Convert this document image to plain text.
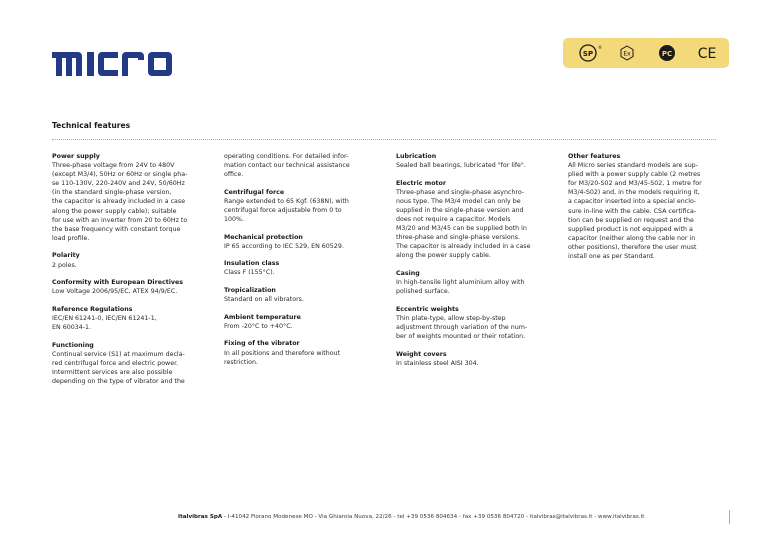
MICRO
SP
®
Ex	PC CE
Technical features
Power supply

Three-phase voltage from 24V to 480V

(except M3/4), 50Hz or 60Hz or single pha-

se 110-130V, 220-240V and 24V, 50/60Hz

(in the standard single-phase version,

the capacitor is already included in a case

along the power supply cable); suitable

for use with an inverter from 20 to 60Hz to

the base frequency with constant torque

load profile.

Polarity

2 poles.

Conformity with European Directives

Low Voltage 2006/95/EC, ATEX 94/9/EC.

Reference Regulations

IEC/EN 61241-0, IEC/EN 61241-1,

EN 60034-1.

Functioning

Continual service (S1) at maximum decla-

red centrifugal force and electric power.

Intermittent services are also possible

depending on the type of vibrator and the

operating conditions. For detailed infor-

mation contact our technical assistance

office.

Centrifugal force

Range extended to 65 Kgf. (638N), with

centrifugal force adjustable from 0 to

100%.

Mechanical protection

IP 65 according to IEC 529, EN 60529.

Insulation class

Class F (155°C).

Tropicalization

Standard on all vibrators.

Ambient temperature

From -20°C to +40°C.

Fixing of the vibrator

In all positions and therefore without

restriction.

Lubrication

Sealed ball bearings, lubricated "for life".

Electric motor

Three-phase and single-phase asynchro-

nous type. The M3/4 model can only be

supplied in the single-phase version and

does not require a capacitor. Models

M3/20 and M3/45 can be supplied both in

three-phase and single-phase versions.

The capacitor is already included in a case

along the power supply cable.

Casing

In high-tensile light aluminium alloy with

polished surface.

Eccentric weights

Thin plate-type, allow step-by-step

adjustment through variation of the num-

ber of weights mounted or their rotation.

Weight covers

In stainless steel AISI 304.

Other features

All Micro series standard models are sup-

plied with a power supply cable (2 metres

for M3/20-S02 and M3/45-S02, 1 metre for

M3/4-S02) and, in the models requiring it,

a capacitor inserted into a special enclo-

sure in-line with the cable. CSA certifica-

tion can be supplied on request and the

supplied product is not equipped with a

capacitor (neither along the cable nor in

other positions), therefore the user must

install one as per Standard.

Italvibras SpA - I-41042 Fiorano Modenese MO - Via Ghiarola Nuova, 22/26 - tel +39 0536 804634 - fax +39 0536 804720 - italvibras@italvibras.it - www.italvibras.it
